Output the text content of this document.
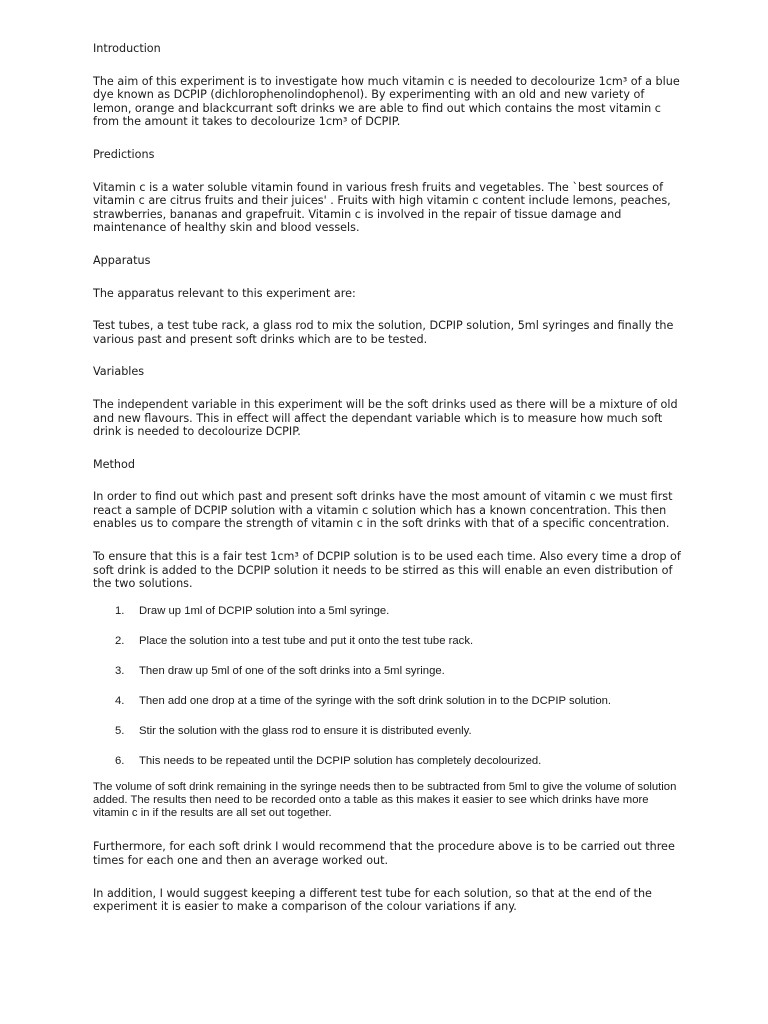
Introduction

The aim of this experiment is to investigate how much vitamin c is needed to decolourize 1cm³ of a blue dye known as DCPIP (dichlorophenolindophenol). By experimenting with an old and new variety of lemon, orange and blackcurrant soft drinks we are able to find out which contains the most vitamin c from the amount it takes to decolourize 1cm³ of DCPIP.

Predictions

Vitamin c is a water soluble vitamin found in various fresh fruits and vegetables. The `best sources of vitamin c are citrus fruits and their juices' . Fruits with high vitamin c content include lemons, peaches, strawberries, bananas and grapefruit. Vitamin c is involved in the repair of tissue damage and maintenance of healthy skin and blood vessels.

Apparatus

The apparatus relevant to this experiment are:

Test tubes, a test tube rack, a glass rod to mix the solution, DCPIP solution, 5ml syringes and finally the various past and present soft drinks which are to be tested.

Variables

The independent variable in this experiment will be the soft drinks used as there will be a mixture of old and new flavours. This in effect will affect the dependant variable which is to measure how much soft drink is needed to decolourize DCPIP.

Method

In order to find out which past and present soft drinks have the most amount of vitamin c we must first react a sample of DCPIP solution with a vitamin c solution which has a known concentration. This then enables us to compare the strength of vitamin c in the soft drinks with that of a specific concentration.

To ensure that this is a fair test 1cm³ of DCPIP solution is to be used each time. Also every time a drop of soft drink is added to the DCPIP solution it needs to be stirred as this will enable an even distribution of the two solutions.

1. Draw up 1ml of DCPIP solution into a 5ml syringe.
2. Place the solution into a test tube and put it onto the test tube rack.
3. Then draw up 5ml of one of the soft drinks into a 5ml syringe.
4. Then add one drop at a time of the syringe with the soft drink solution in to the DCPIP solution.
5. Stir the solution with the glass rod to ensure it is distributed evenly.
6. This needs to be repeated until the DCPIP solution has completely decolourized.

The volume of soft drink remaining in the syringe needs then to be subtracted from 5ml to give the volume of solution added. The results then need to be recorded onto a table as this makes it easier to see which drinks have more vitamin c in if the results are all set out together.

Furthermore, for each soft drink I would recommend that the procedure above is to be carried out three times for each one and then an average worked out.

In addition, I would suggest keeping a different test tube for each solution, so that at the end of the experiment it is easier to make a comparison of the colour variations if any.
